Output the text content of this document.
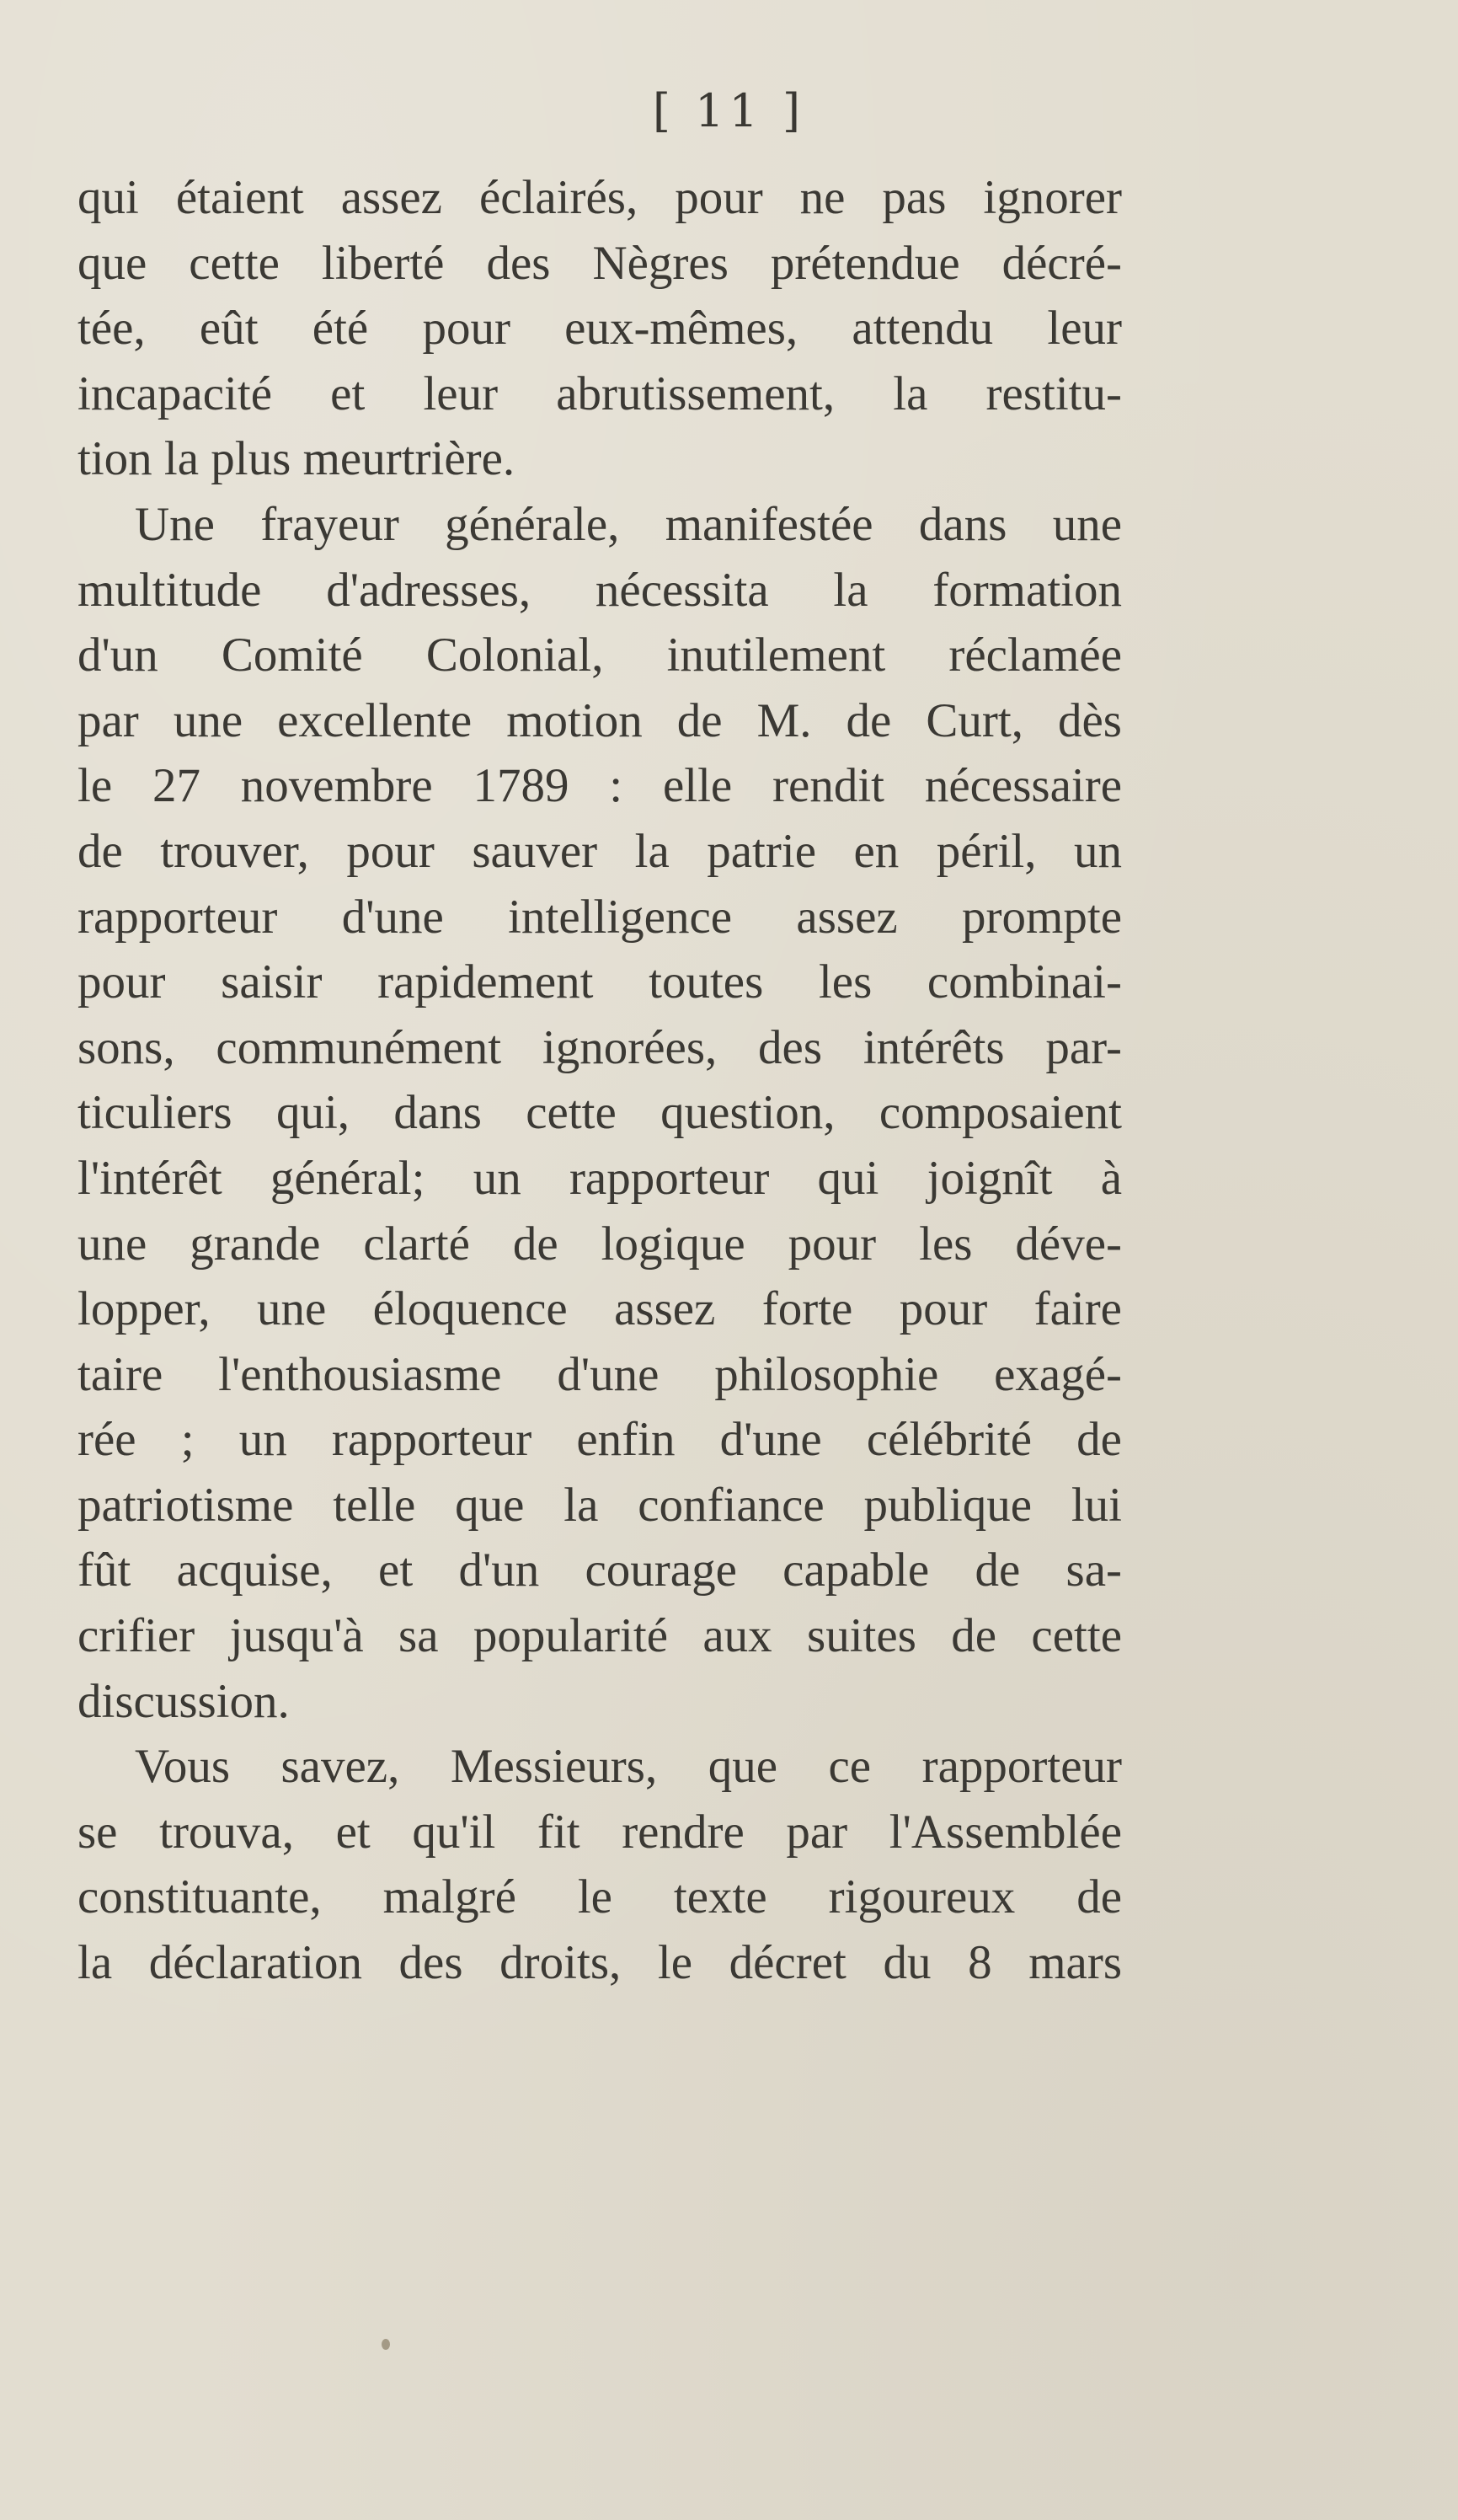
[ 11 ]
qui étaient assez éclairés, pour ne pas ignorer
que cette liberté des Nègres prétendue décré-
tée, eût été pour eux-mêmes, attendu leur
incapacité et leur abrutissement, la restitu-
tion la plus meurtrière.
Une frayeur générale, manifestée dans une
multitude d'adresses, nécessita la formation
d'un Comité Colonial, inutilement réclamée
par une excellente motion de M. de Curt, dès
le 27 novembre 1789 : elle rendit nécessaire
de trouver, pour sauver la patrie en péril, un
rapporteur d'une intelligence assez prompte
pour saisir rapidement toutes les combinai-
sons, communément ignorées, des intérêts par-
ticuliers qui, dans cette question, composaient
l'intérêt général; un rapporteur qui joignît à
une grande clarté de logique pour les déve-
lopper, une éloquence assez forte pour faire
taire l'enthousiasme d'une philosophie exagé-
rée ; un rapporteur enfin d'une célébrité de
patriotisme telle que la confiance publique lui
fût acquise, et d'un courage capable de sa-
crifier jusqu'à sa popularité aux suites de cette
discussion.
Vous savez, Messieurs, que ce rapporteur
se trouva, et qu'il fit rendre par l'Assemblée
constituante, malgré le texte rigoureux de
la déclaration des droits, le décret du 8 mars
